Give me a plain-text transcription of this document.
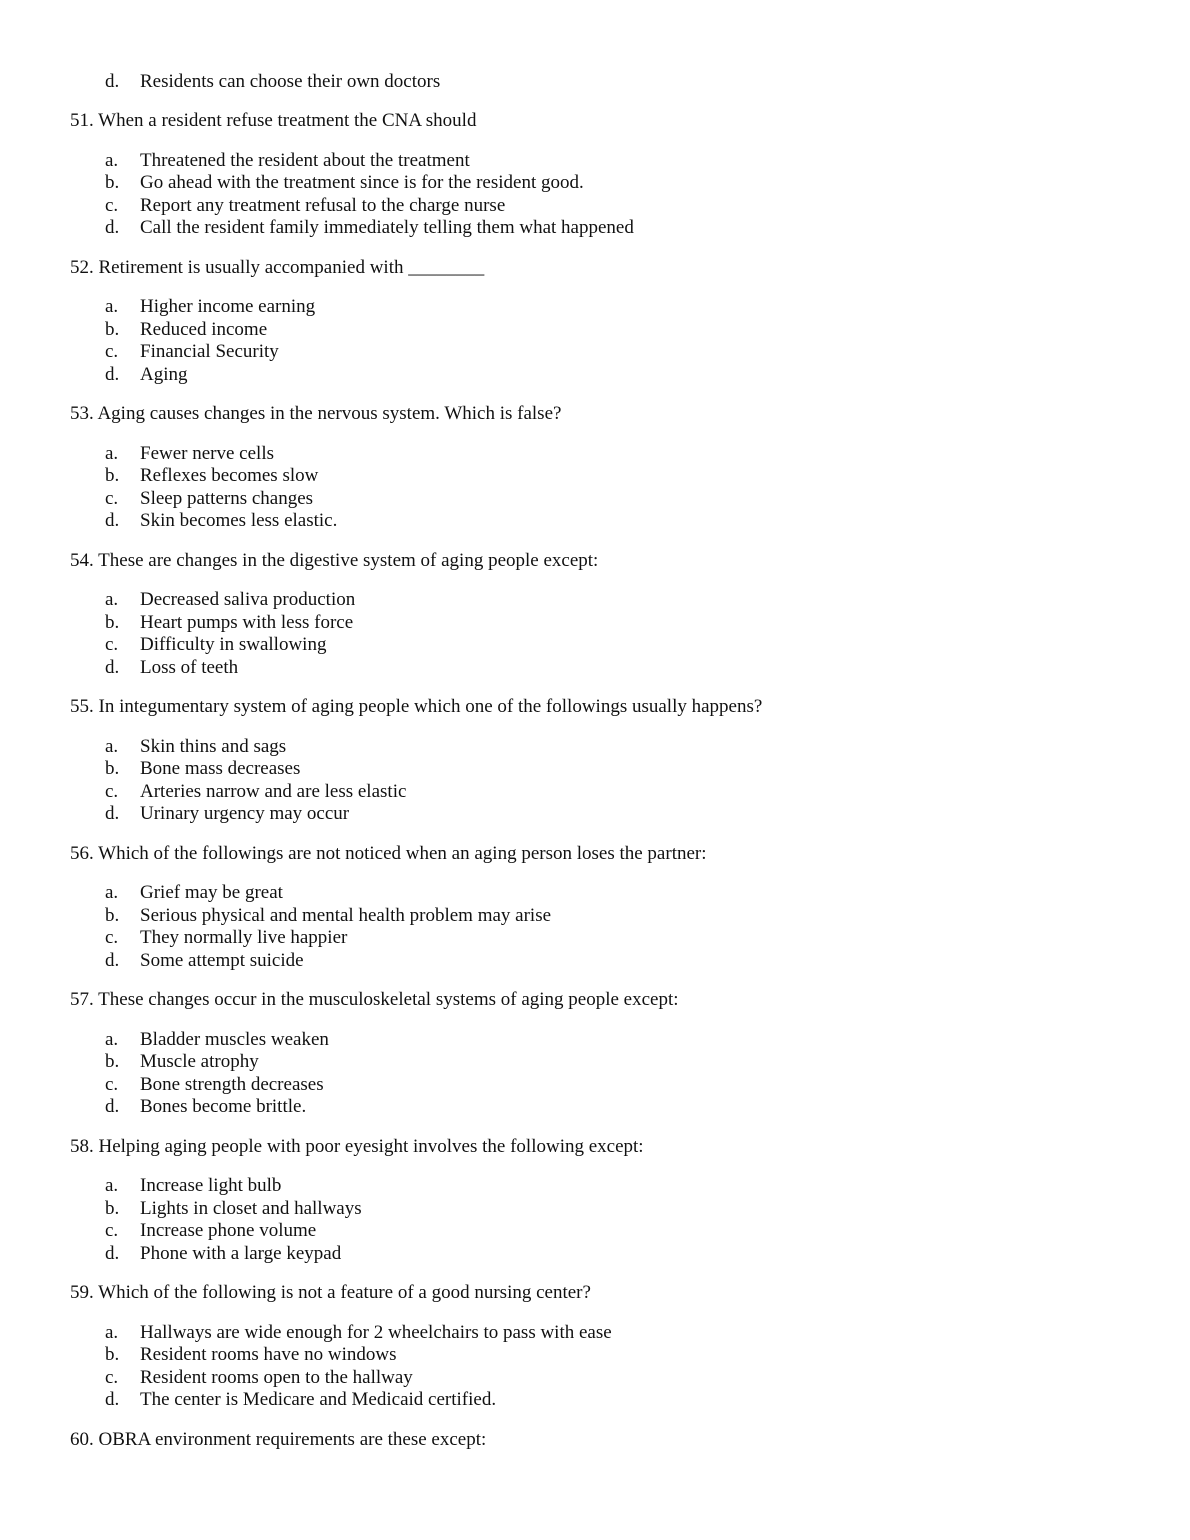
d. Residents can choose their own doctors
51. When a resident refuse treatment the CNA should
a. Threatened the resident about the treatment
b. Go ahead with the treatment since is for the resident good.
c. Report any treatment refusal to the charge nurse
d. Call the resident family immediately telling them what happened
52. Retirement is usually accompanied with ________
a. Higher income earning
b. Reduced income
c. Financial Security
d. Aging
53. Aging causes changes in the nervous system. Which is false?
a. Fewer nerve cells
b. Reflexes becomes slow
c. Sleep patterns changes
d. Skin becomes less elastic.
54. These are changes in the digestive system of aging people except:
a. Decreased saliva production
b. Heart pumps with less force
c. Difficulty in swallowing
d. Loss of teeth
55. In integumentary system of aging people which one of the followings usually happens?
a. Skin thins and sags
b. Bone mass decreases
c. Arteries narrow and are less elastic
d. Urinary urgency may occur
56. Which of the followings are not noticed when an aging person loses the partner:
a. Grief may be great
b. Serious physical and mental health problem may arise
c. They normally live happier
d. Some attempt suicide
57. These changes occur in the musculoskeletal systems of aging people except:
a. Bladder muscles weaken
b. Muscle atrophy
c. Bone strength decreases
d. Bones become brittle.
58. Helping aging people with poor eyesight involves the following except:
a. Increase light bulb
b. Lights in closet and hallways
c. Increase phone volume
d. Phone with a large keypad
59. Which of the following is not a feature of a good nursing center?
a. Hallways are wide enough for 2 wheelchairs to pass with ease
b. Resident rooms have no windows
c. Resident rooms open to the hallway
d. The center is Medicare and Medicaid certified.
60. OBRA environment requirements are these except:
